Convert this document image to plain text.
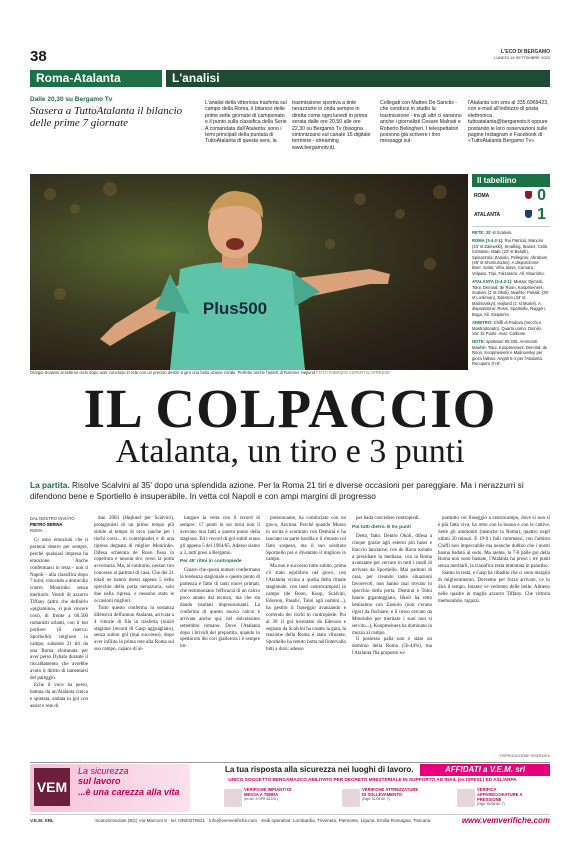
38	L'ECO DI BERGAMO
LUNEDÌ 19 SETTEMBRE 2022
Roma-Atalanta	L'analisi
Dalle 20,30 su Bergamo Tv
Stasera a TuttoAtalanta il bilancio delle prime 7 giornate
L'analisi della vittoriosa trasferta sul campo della Roma, il bilancio delle prime sette giornate di campionato e il punto sulla classifica della Serie A comandata dall'Atalanta: sono i temi principali della puntata di TuttoAtalanta di questa sera, la
trasmissione sportiva a tinte nerazzurre in onda sempre in diretta come ogni lunedì in prima serata dalle ore 20,50 alle ore 22,30 su Bergamo Tv (bisogna sintonizzarsi sul canale 15 digitale terrestre - streaming www.bergamotv.it).
Collegati con Matteo De Sanctis - che conduce in studio la trasmissione - tra gli altri ci saranno anche i giornalisti Cesare Malnati e Roberto Belingheri. I telespettatori possono già scrivere i loro messaggi sul-
l'Atalanta con sms al 335.6969423, con e-mail all'indirizzo di posta elettronica tuttoatalanta@bergamotv.it oppure postando le loro osservazioni sulle pagine Instagram e Facebook di «TuttoAtalanta Bergamo Tv».
Plus500
Giorgio Scalvini al settimo cielo dopo aver concluso in rete con un preciso destro a giro una bella azione corale. Perfetto anche l'assist di Rasmus Højlund FOTO FABRIZIO ASPERTI/LAPRESSE
Il tabellino
ROMA	0
ATALANTA 1

RETE: 35' st Scalvini.

ROMA (3-4-2-1): Rui Patricio; Mancini (43' st Zalewski), Smalling, Ibanez; Celik, Cristante, Matic (22' st Belotti), Spinazzola; Zaniolo, Pellegrini; Abraham (46' st Shomurodov). A disposizione: Boer, Svilar, Viña, Bove, Camara, Volpato, Tripi, Falzarano. All. Mourinho.

ATALANTA (3-4-2-1): Musso; Djimsiti, Toloi, Demiral; de Roon, Koopmeiners, Scalvini (1' st Okoli), Maehle; Pasalic (29' st Lookman), Ederson (43' st Malinovskyi); Højlund (1' st Muriel). A disposizione: Rossi, Sportiello, Ruggeri, Boga. All. Gasperini.

ARBITRO: Chiffi di Padova (Vecchi e Mastrodonato). Quarto uomo: Dionisi. Var: Di Paolo. Avar: Carbone.

NOTE: spettatori 60.335. Ammoniti: Maehle, Toloi, Koopmeiners, Demiral, de Roon, Koopmeiners e Malinovskyi per gioco falloso. Angoli 5-1 per l'Atalanta. Recupero 3'+6'.

IL COLPACCIO
Atalanta, un tiro e 3 punti
La partita. Risolve Scalvini al 35' dopo una splendida azione. Per la Roma 21 tiri e diverse occasioni per pareggiare. Ma i nerazzurri si difendono bene e Sportiello è insuperabile. In vetta col Napoli e con ampi margini di progresso
DAL NOSTRO INVIATO
PIETRO SERINA
ROMA

Ci sono emozioni che ti porterai dentro per sempre, perché qualsiasi impresa ha emozione. Anche confermarsi in testa - non il Napoli - alla classifica dopo 7 turni, vincendo a domicilio contro Mourinho senza meritarlo. Vestiti di azzurro Tiffany (altro che definirlo «pigiamino», sì può vincere così), di fronte a 60.500 romanisti urlanti, con il tuo portiere (il riserva: Sportiello) migliore in campo, subendo 21 tiri da una Roma sfortunata per aver perso Dybala durante il riscaldamento che avrebbe avuto il diritto di lamentarsi del pareggio.

Eche il voce ha perso, battuta da un'Atalanta cinica e spietata, andata in gol con assist e rete di

due 2003 (Højlund per Scalvini), protagonisti di un primo tempo più simile al tempo di orco (anche per i rischi corsi... in contropiede) e di una ripresa degnata di miglior Mourinho. Difesa schierata de Roon fisso in copertura e nessun tiro verso la porta avversaria. Ma, al contrario, nessun tiro concesso ai padroni di casa. Che dei 21 totali ne hanno messi appena 5 nello specchio della porta nerazzurra, solo due nella ripresa, e nessuno stato le occasioni migliori.

Tutto questo conferma la sostanza difensiva dell'annuo Atalanta, arrivata a 4 vittorie di fila in trasferta (iniziò stagione (record di Gasp agguagliato), senza subire gol (mai successo), dopo aver infilito la prima rete alla Roma sul suo campo, capace di al-

lungare la vetta con il record di sempre: 17 punti in sei turni non li avevano mai fatti a questo punto della stagione. Ed i record di gol subiti erano gli appena 5 del 1964/65. Adesso siamo a 3, tutti presi a Bergamo.

Per 45' ritmi in contropiede

Chiaro che questi numeri confermano la tendenza stagionale e questo punto di partenza è fatto di tanti nuovi primati, che testimoniano l'efficacia di un calcio poco amato dal tecnico, ma che sta dando risultati impressionanti. La conferma di questo nuovo calcio è arrivata anche qui, nel dolceissimo settembre romano. Dove l'Atalanta dopo i brividi del prepartita, quando lo spettacolo dei cori gialloross i è sempre im-

pressionante, ha cominciato con un gioco, Ancima. Perché quando Musso in uscita è scontrato con Demiral e ha lanciato un parte bardila e il rimasto col fiato sospeso, ma il suo sostituto Sportiello poi è diventato il migliore in campo.

Ma non è successo tutto subito, prima c'è stato equilibrio nel gioco, con l'Atalanta vicina a quella della rituale stagionale, con tanti centrocampisti in campo (de Roon, Koop, Scalvini, Ederson, Pasalic, Toloi agli uomini...), ha gestito il fraseggio avanzando e correndo dei rischi in contropiede. Poi al 36' il gol inventato da Ederson e segnato da Scalvini ha cosato la gara, la reazione della Roma è stata vibrante, Sportiello ha tenuto botta nell'intervallo tutti a dirsi: adesso

per bada concedere contropiedi.

Poi tutti dietro. E tre punti

Detto, fatto. Dentro Okoli, difesa a cinque grazie agli esterni più bassi e braccio lanciarne, con de Roon tornato a presidiare la mediana, con la Roma avanzante per cercare in tutti i modi di arrivare da Sportiello. Mai padroni di casa, per creando tante situazioni favorevoli, non hanno mai trovato lo specchio della porta. Demiral e Toloi hanno giganteggiato, Okoli ha retto benissimo con Zaniolo (non c'erano rigori da fischiare, e il rosso cercato da Mourinho per meritare i suoi non si servito...), Koopmeiners ha dominato in mezzo al campo.

Il possesso palla non è stato un dominio della Roma (56-44%), ma l'Atalanta l'ha proposto so-

prattutto col fraseggio a centrocampo, dove si non si è più fatta viva, ha retto con la buona e con le cattive. Sette gli ammoniti (neanche la Roma), quattro negli ultimi 20 minuti. E 19-9 i falli commessi, con l'arbitro Chiffi non impeccabile ma neanche dubbio che i nostri hanno badato al sodo. Ma niente, la 7-8 palle gol della Roma non sono bastate, l'Atalanta ha preso i tre punti senza meritarli, la classifica resta immutata in paradiso.

Siamo in testa, e Gasp ha ribadito che ci sono margini di miglioramento. Dovremo per forza arrivare, ce lo dirà il tempo. Intanto ve vedremo delle belle. Almeno nelle quadre in maglia azzurro Tiffany. Che vittoria memorabile, ragazzi.

©RIPRODUZIONE RISERVATA
VEM
La sicurezza
sul lavoro
...è una carezza alla vita
La tua risposta alla sicurezza nei luoghi di lavoro.	AFFIDATI a V.E.M. srl
UNICO SOGGETTO BERGAMASCO ABILITATO PER DECRETO MINISTERIALE IN SUPPORTO AD INAIL (ex ISPESL) ED ASL/ARPA
VERIFICHE IMPIANTI DI MESSA A TERRA
(ex art. 4 DPR 462/01)
VERIFICHE ATTREZZATURE DI SOLLEVAMENTO
(Dlgs. 81/08 All. 7)
VERIFICA APPARECCHIATURE A PRESSIONE
(Dlgs. 81/08 All. 7)
V.E.M. SRL	Scanzorosciate (BG) Via Marconi 8 · tel. 035/0270621 · info@vemverifiche.com · Sedi operative: Lombardia, Triveneto, Piemonte, Liguria, Emilia Romagna, Toscana	www.vemverifiche.com
